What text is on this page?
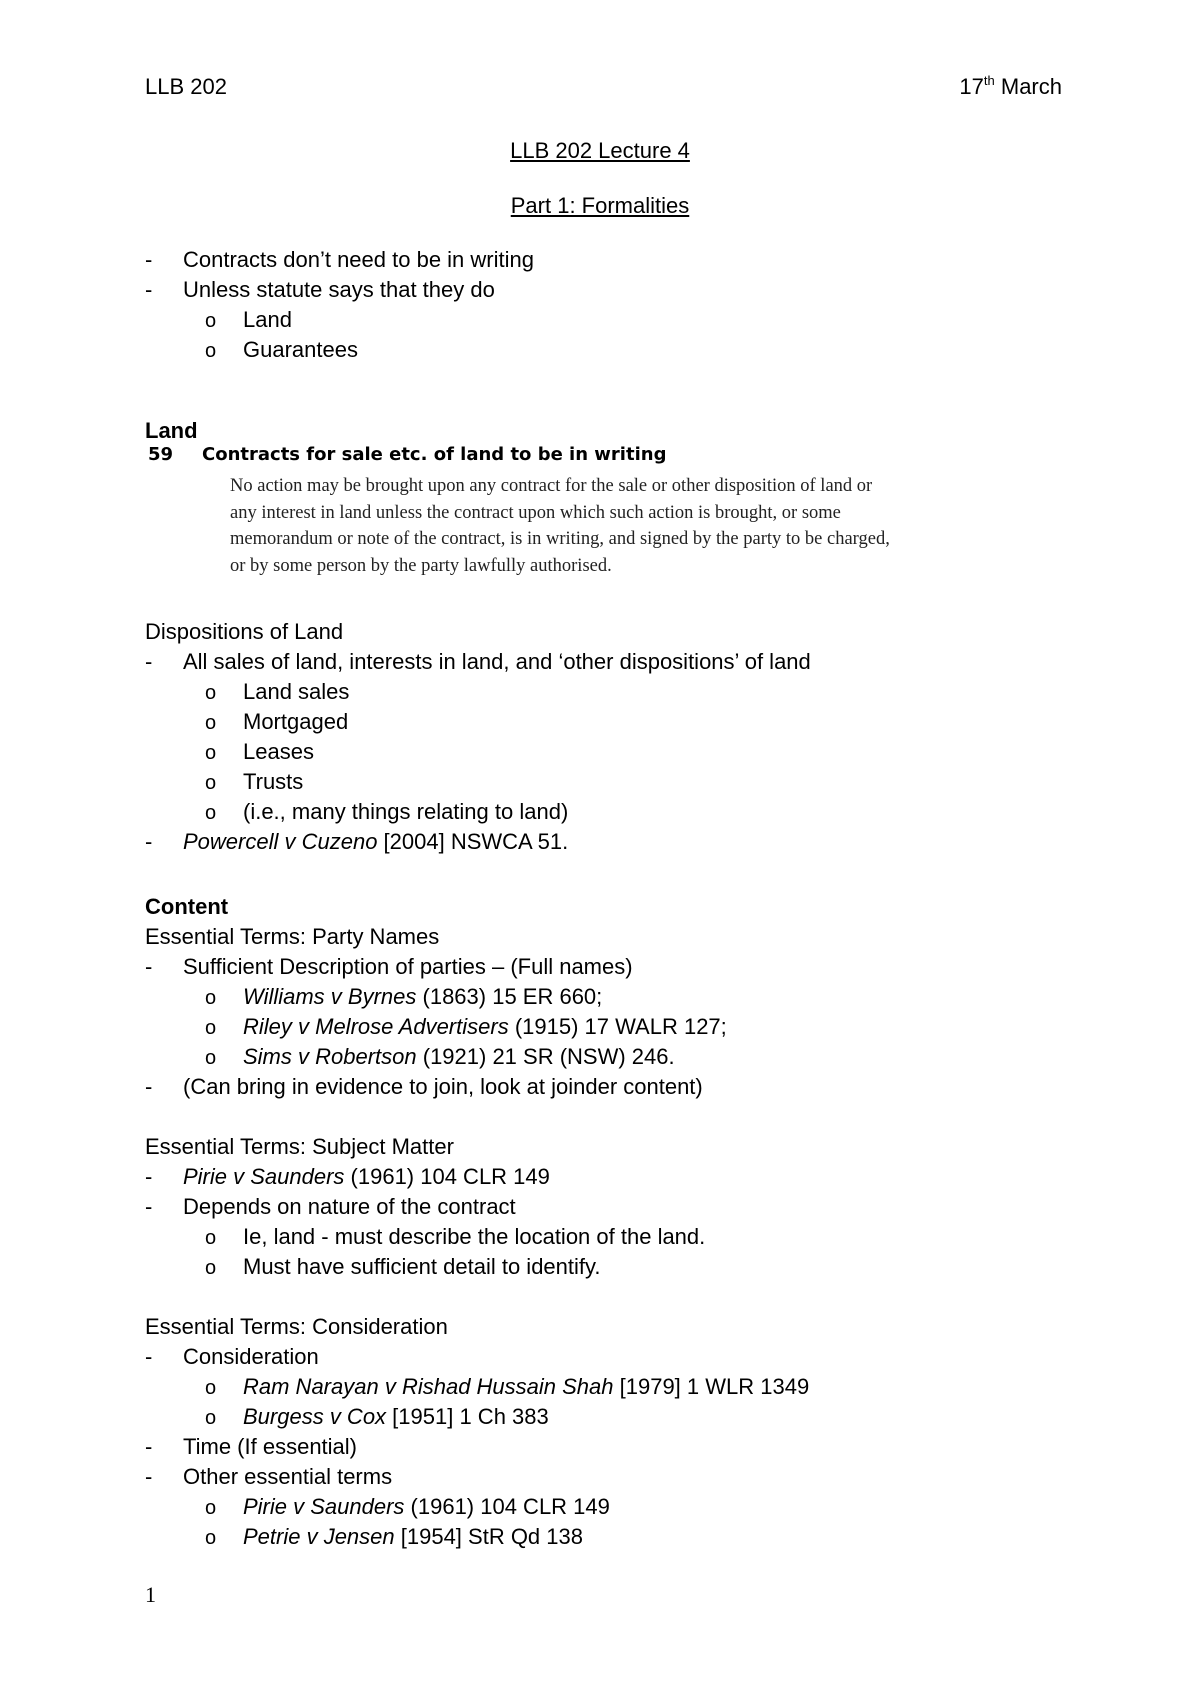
LLB 202	17th March
LLB 202 Lecture 4
Part 1: Formalities
- Contracts don’t need to be in writing
- Unless statute says that they do
o Land
o Guarantees
Land
59 Contracts for sale etc. of land to be in writing
No action may be brought upon any contract for the sale or other disposition of land or
any interest in land unless the contract upon which such action is brought, or some
memorandum or note of the contract, is in writing, and signed by the party to be charged,
or by some person by the party lawfully authorised.
Dispositions of Land
- All sales of land, interests in land, and ‘other dispositions’ of land
o Land sales
o Mortgaged
o Leases
o Trusts
o (i.e., many things relating to land)
- Powercell v Cuzeno [2004] NSWCA 51.
Content
Essential Terms: Party Names
- Sufficient Description of parties – (Full names)
o Williams v Byrnes (1863) 15 ER 660;
o Riley v Melrose Advertisers (1915) 17 WALR 127;
o Sims v Robertson (1921) 21 SR (NSW) 246.
- (Can bring in evidence to join, look at joinder content)
Essential Terms: Subject Matter
- Pirie v Saunders (1961) 104 CLR 149
- Depends on nature of the contract
o Ie, land - must describe the location of the land.
o Must have sufficient detail to identify.
Essential Terms: Consideration
- Consideration
o Ram Narayan v Rishad Hussain Shah [1979] 1 WLR 1349
o Burgess v Cox [1951] 1 Ch 383
- Time (If essential)
- Other essential terms
o Pirie v Saunders (1961) 104 CLR 149
o Petrie v Jensen [1954] StR Qd 138
1
